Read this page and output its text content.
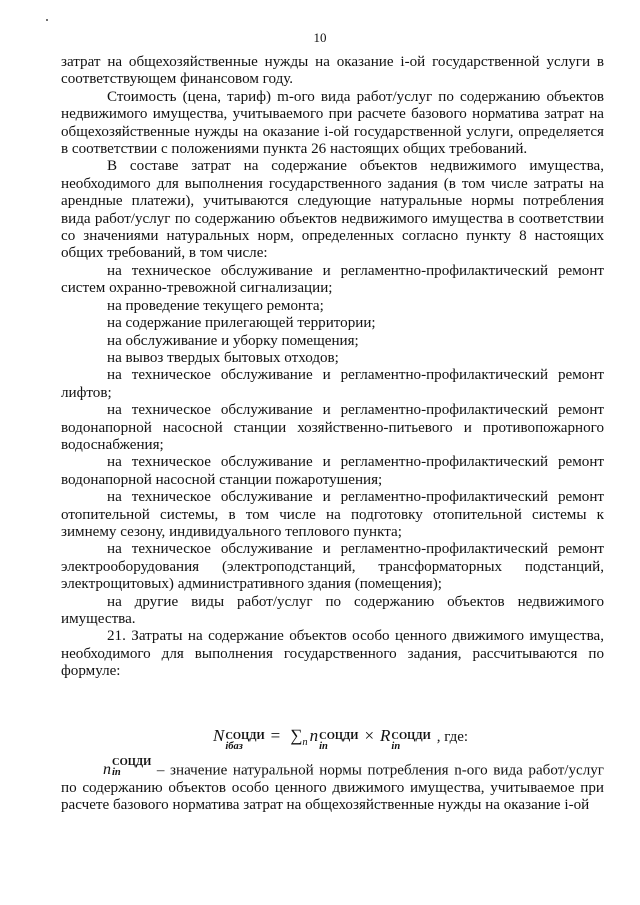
10

затрат на общехозяйственные нужды на оказание i-ой государственной услуги в соответствующем финансовом году.

Стоимость (цена, тариф) m-ого вида работ/услуг по содержанию объектов недвижимого имущества, учитываемого при расчете базового норматива затрат на общехозяйственные нужды на оказание i-ой государственной услуги, определяется в соответствии с положениями пункта 26 настоящих общих требований.

В составе затрат на содержание объектов недвижимого имущества, необходимого для выполнения государственного задания (в том числе затраты на арендные платежи), учитываются следующие натуральные нормы потребления вида работ/услуг по содержанию объектов недвижимого имущества в соответствии со значениями натуральных норм, определенных согласно пункту 8 настоящих общих требований, в том числе:

на техническое обслуживание и регламентно-профилактический ремонт систем охранно-тревожной сигнализации;

на проведение текущего ремонта;

на содержание прилегающей территории;

на обслуживание и уборку помещения;

на вывоз твердых бытовых отходов;

на техническое обслуживание и регламентно-профилактический ремонт лифтов;

на техническое обслуживание и регламентно-профилактический ремонт водонапорной насосной станции хозяйственно-питьевого и противопожарного водоснабжения;

на техническое обслуживание и регламентно-профилактический ремонт водонапорной насосной станции пожаротушения;

на техническое обслуживание и регламентно-профилактический ремонт отопительной системы, в том числе на подготовку отопительной системы к зимнему сезону, индивидуального теплового пункта;

на техническое обслуживание и регламентно-профилактический ремонт электрооборудования (электроподстанций, трансформаторных подстанций, электрощитовых) административного здания (помещения);

на другие виды работ/услуг по содержанию объектов недвижимого имущества.

21. Затраты на содержание объектов особо ценного движимого имущества, необходимого для выполнения государственного задания, рассчитываются по формуле:

N СОЦДИ
iбаз
= ∑ n n СОЦДИ
in
× R СОЦДИ
in
, где:

n СОЦДИ
in	– значение натуральной нормы потребления n-ого вида работ/услуг по содержанию объектов особо ценного движимого имущества, учитываемое при расчете базового норматива затрат на общехозяйственные нужды на оказание i-ой
